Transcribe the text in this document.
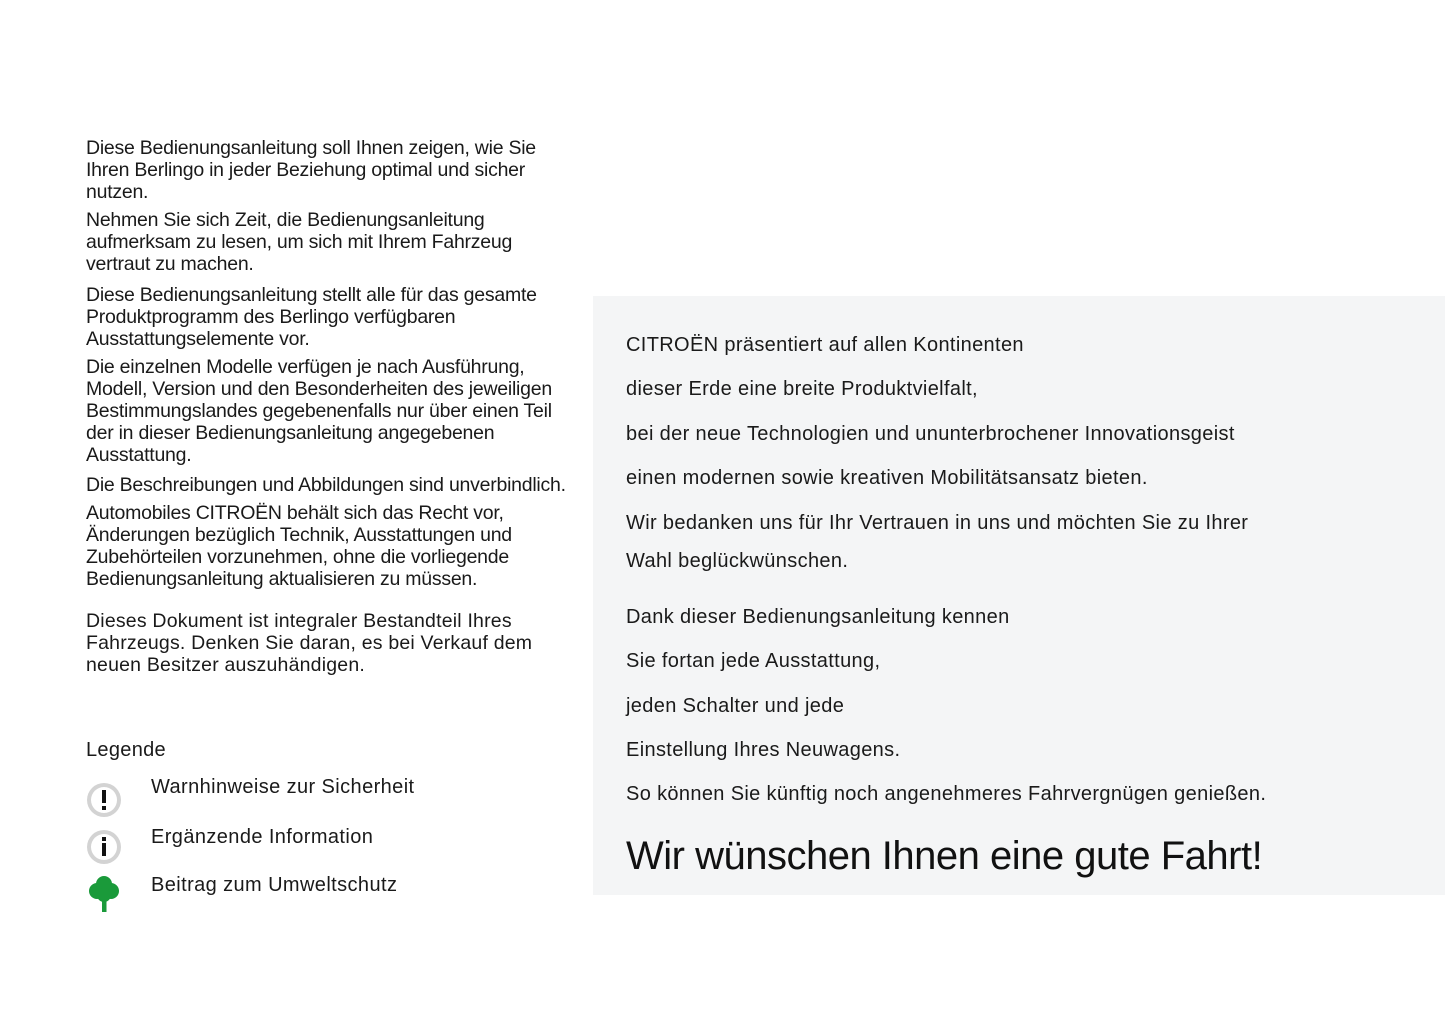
Diese Bedienungsanleitung soll Ihnen zeigen, wie Sie Ihren Berlingo in jeder Beziehung optimal und sicher nutzen.

Nehmen Sie sich Zeit, die Bedienungsanleitung aufmerksam zu lesen, um sich mit Ihrem Fahrzeug vertraut zu machen.

Diese Bedienungsanleitung stellt alle für das gesamte Produktprogramm des Berlingo verfügbaren Ausstattungselemente vor.

Die einzelnen Modelle verfügen je nach Ausführung, Modell, Version und den Besonderheiten des jeweiligen Bestimmungslandes gegebenenfalls nur über einen Teil der in dieser Bedienungsanleitung angegebenen Ausstattung.

Die Beschreibungen und Abbildungen sind unverbindlich.

Automobiles CITROËN behält sich das Recht vor, Änderungen bezüglich Technik, Ausstattungen und Zubehörteilen vorzunehmen, ohne die vorliegende Bedienungsanleitung aktualisieren zu müssen.

Dieses Dokument ist integraler Bestandteil Ihres Fahrzeugs. Denken Sie daran, es bei Verkauf dem neuen Besitzer auszuhändigen.

Legende
Warnhinweise zur Sicherheit
Ergänzende Information
Beitrag zum Umweltschutz
CITROËN präsentiert auf allen Kontinenten
dieser Erde eine breite Produktvielfalt,
bei der neue Technologien und ununterbrochener Innovationsgeist
einen modernen sowie kreativen Mobilitätsansatz bieten.
Wir bedanken uns für Ihr Vertrauen in uns und möchten Sie zu Ihrer
Wahl beglückwünschen.
Dank dieser Bedienungsanleitung kennen
Sie fortan jede Ausstattung,
jeden Schalter und jede
Einstellung Ihres Neuwagens.
So können Sie künftig noch angenehmeres Fahrvergnügen genießen.
Wir wünschen Ihnen eine gute Fahrt!
